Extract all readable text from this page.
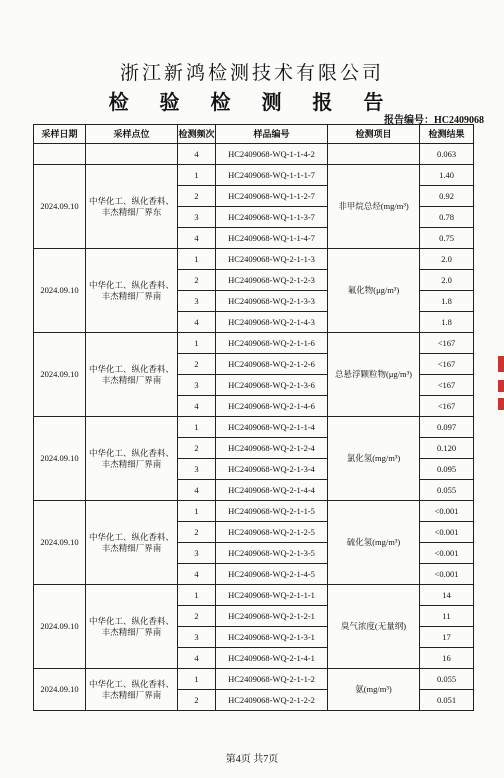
浙江新鸿检测技术有限公司
检 验 检 测 报 告
报告编号：HC2409068
采样日期	采样点位	检测频次	样品编号	检测项目	检测结果
		4	HC2409068-WQ-1-1-4-2		0.063
2024.09.10	中华化工、纵化香料、丰杰精细厂界东	1	HC2409068-WQ-1-1-1-7	非甲烷总烃(mg/m³)	1.40
		2	HC2409068-WQ-1-1-2-7		0.92
		3	HC2409068-WQ-1-1-3-7		0.78
		4	HC2409068-WQ-1-1-4-7		0.75
2024.09.10	中华化工、纵化香料、丰杰精细厂界南	1	HC2409068-WQ-2-1-1-3	氟化物(μg/m³)	2.0
		2	HC2409068-WQ-2-1-2-3		2.0
		3	HC2409068-WQ-2-1-3-3		1.8
		4	HC2409068-WQ-2-1-4-3		1.8
2024.09.10	中华化工、纵化香料、丰杰精细厂界南	1	HC2409068-WQ-2-1-1-6	总悬浮颗粒物(μg/m³)	<167
		2	HC2409068-WQ-2-1-2-6		<167
		3	HC2409068-WQ-2-1-3-6		<167
		4	HC2409068-WQ-2-1-4-6		<167
2024.09.10	中华化工、纵化香料、丰杰精细厂界南	1	HC2409068-WQ-2-1-1-4	氯化氢(mg/m³)	0.097
		2	HC2409068-WQ-2-1-2-4		0.120
		3	HC2409068-WQ-2-1-3-4		0.095
		4	HC2409068-WQ-2-1-4-4		0.055
2024.09.10	中华化工、纵化香料、丰杰精细厂界南	1	HC2409068-WQ-2-1-1-5	硫化氢(mg/m³)	<0.001
		2	HC2409068-WQ-2-1-2-5		<0.001
		3	HC2409068-WQ-2-1-3-5		<0.001
		4	HC2409068-WQ-2-1-4-5		<0.001
2024.09.10	中华化工、纵化香料、丰杰精细厂界南	1	HC2409068-WQ-2-1-1-1	臭气浓度(无量纲)	14
		2	HC2409068-WQ-2-1-2-1		11
		3	HC2409068-WQ-2-1-3-1		17
		4	HC2409068-WQ-2-1-4-1		16
2024.09.10	中华化工、纵化香料、丰杰精细厂界南	1	HC2409068-WQ-2-1-1-2	氨(mg/m³)	0.055
		2	HC2409068-WQ-2-1-2-2		0.051
第4页 共7页
